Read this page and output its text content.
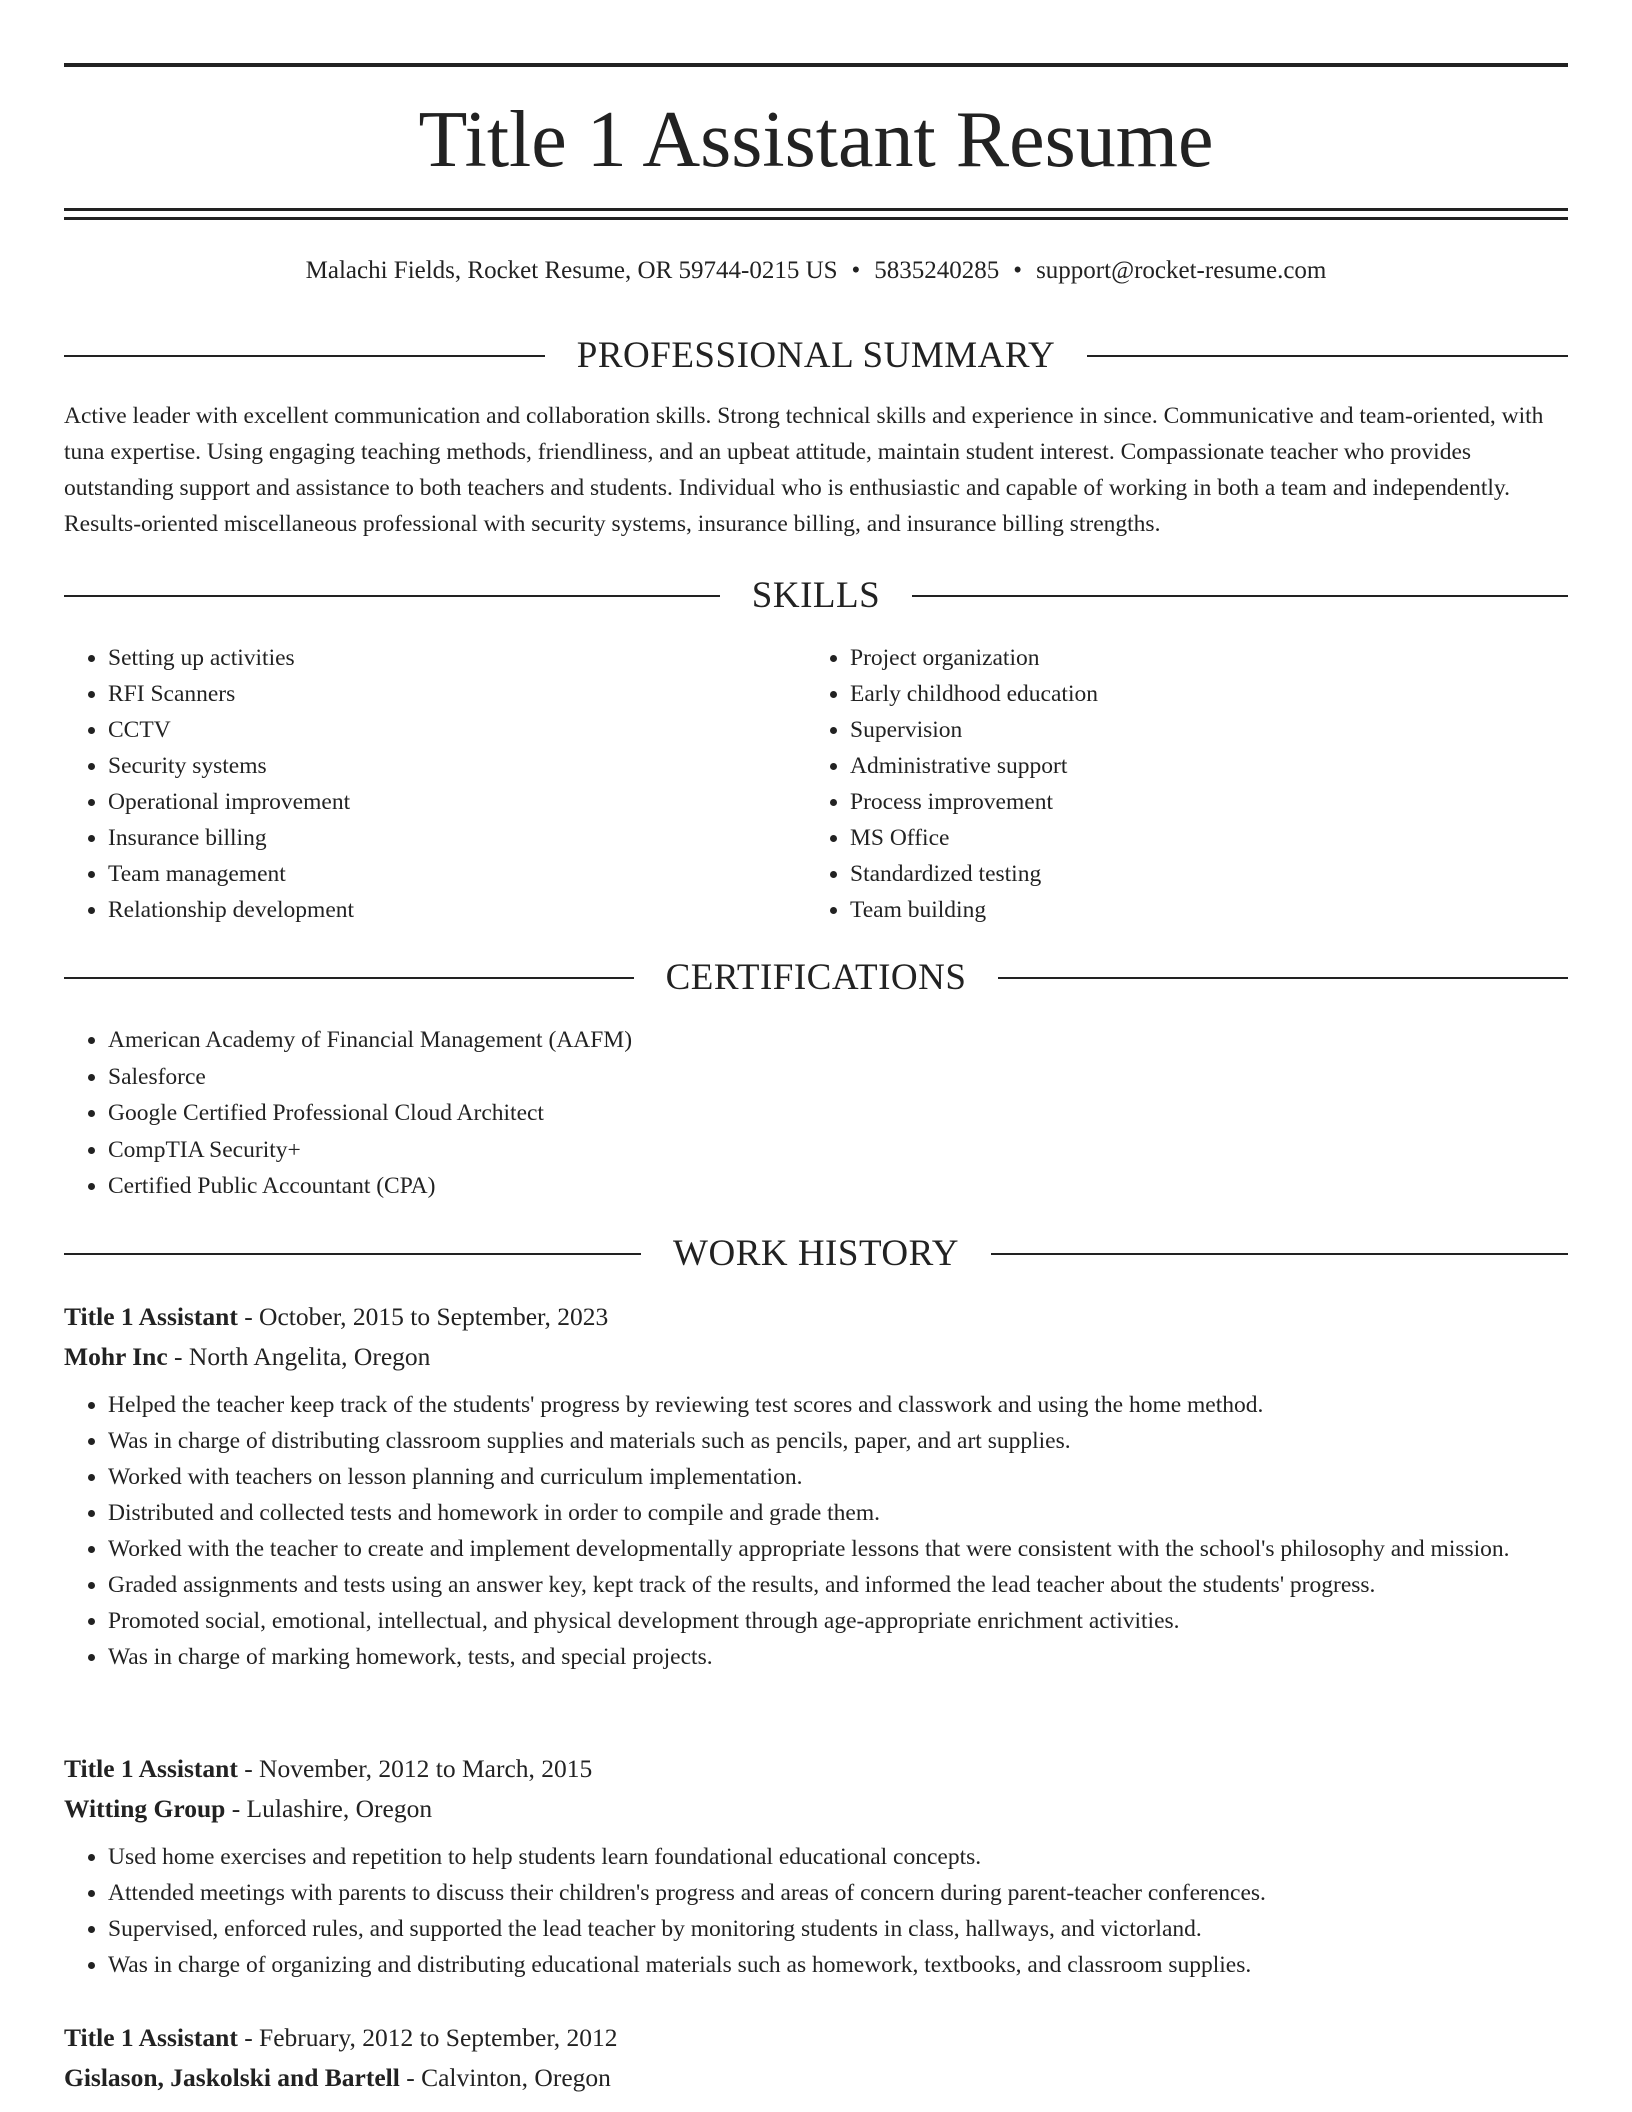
Title 1 Assistant Resume
Malachi Fields, Rocket Resume, OR 59744-0215 US • 5835240285 • support@rocket-resume.com
PROFESSIONAL SUMMARY

Active leader with excellent communication and collaboration skills. Strong technical skills and experience in since. Communicative and team-oriented, with tuna expertise. Using engaging teaching methods, friendliness, and an upbeat attitude, maintain student interest. Compassionate teacher who provides outstanding support and assistance to both teachers and students. Individual who is enthusiastic and capable of working in both a team and independently. Results-oriented miscellaneous professional with security systems, insurance billing, and insurance billing strengths.

SKILLS
• Setting up activities
• RFI Scanners
• CCTV
• Security systems
• Operational improvement
• Insurance billing
• Team management
• Relationship development
• Project organization
• Early childhood education
• Supervision
• Administrative support
• Process improvement
• MS Office
• Standardized testing
• Team building
CERTIFICATIONS
• American Academy of Financial Management (AAFM)
• Salesforce
• Google Certified Professional Cloud Architect
• CompTIA Security+
• Certified Public Accountant (CPA)
WORK HISTORY
Title 1 Assistant - October, 2015 to September, 2023
Mohr Inc - North Angelita, Oregon
• Helped the teacher keep track of the students' progress by reviewing test scores and classwork and using the home method.
• Was in charge of distributing classroom supplies and materials such as pencils, paper, and art supplies.
• Worked with teachers on lesson planning and curriculum implementation.
• Distributed and collected tests and homework in order to compile and grade them.
• Worked with the teacher to create and implement developmentally appropriate lessons that were consistent with the school's philosophy and mission.
• Graded assignments and tests using an answer key, kept track of the results, and informed the lead teacher about the students' progress.
• Promoted social, emotional, intellectual, and physical development through age-appropriate enrichment activities.
• Was in charge of marking homework, tests, and special projects.
Title 1 Assistant - November, 2012 to March, 2015
Witting Group - Lulashire, Oregon
• Used home exercises and repetition to help students learn foundational educational concepts.
• Attended meetings with parents to discuss their children's progress and areas of concern during parent-teacher conferences.
• Supervised, enforced rules, and supported the lead teacher by monitoring students in class, hallways, and victorland.
• Was in charge of organizing and distributing educational materials such as homework, textbooks, and classroom supplies.
Title 1 Assistant - February, 2012 to September, 2012
Gislason, Jaskolski and Bartell - Calvinton, Oregon
